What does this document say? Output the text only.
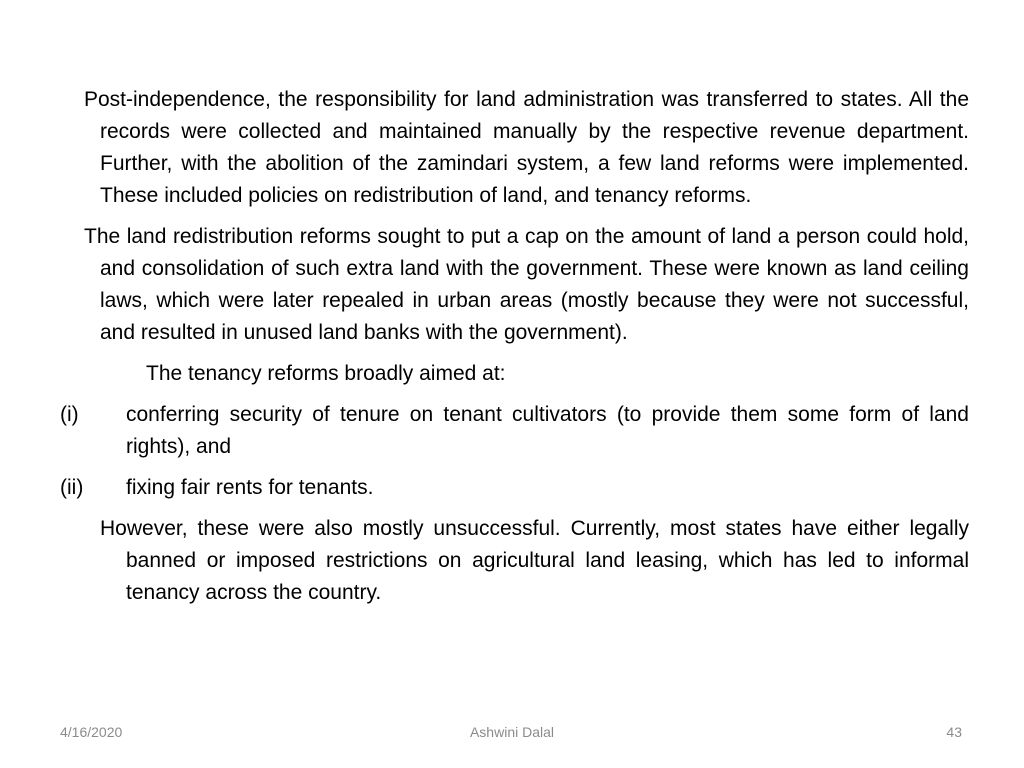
Post-independence, the responsibility for land administration was transferred to states. All the records were collected and maintained manually by the respective revenue department. Further, with the abolition of the zamindari system, a few land reforms were implemented. These included policies on redistribution of land, and tenancy reforms.

The land redistribution reforms sought to put a cap on the amount of land a person could hold, and consolidation of such extra land with the government. These were known as land ceiling laws, which were later repealed in urban areas (mostly because they were not successful, and resulted in unused land banks with the government).

The tenancy reforms broadly aimed at:

(i)	conferring security of tenure on tenant cultivators (to provide them some form of land rights), and
(ii)	fixing fair rents for tenants.

However, these were also mostly unsuccessful. Currently, most states have either legally banned or imposed restrictions on agricultural land leasing, which has led to informal tenancy across the country.

4/16/2020	Ashwini Dalal	43
